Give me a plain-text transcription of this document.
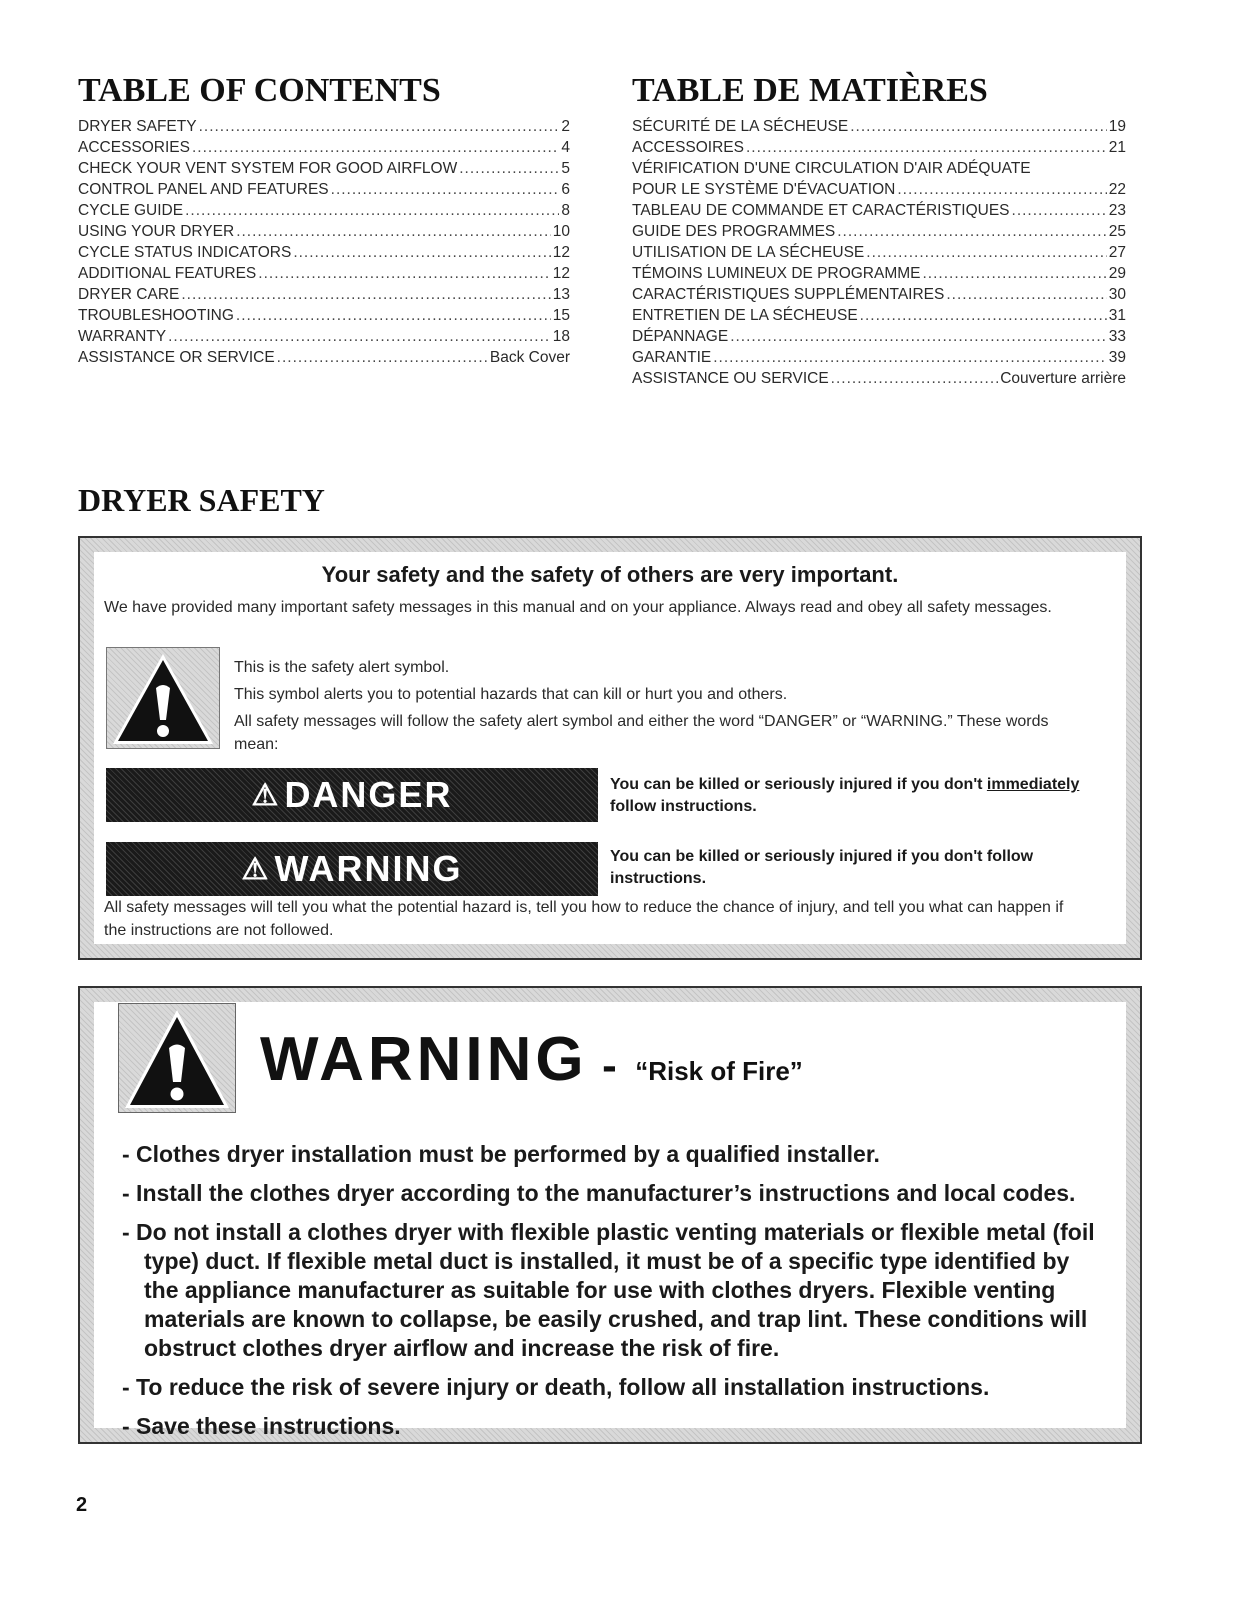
TABLE OF CONTENTS
DRYER SAFETY .....	2
ACCESSORIES .....	4
CHECK YOUR VENT SYSTEM FOR GOOD AIRFLOW .....	5
CONTROL PANEL AND FEATURES .....	6
CYCLE GUIDE .....	8
USING YOUR DRYER .....	10
CYCLE STATUS INDICATORS .....	12
ADDITIONAL FEATURES .....	12
DRYER CARE .....	13
TROUBLESHOOTING .....	15
WARRANTY .....	18
ASSISTANCE OR SERVICE .....	Back Cover
TABLE DE MATIÈRES
SÉCURITÉ DE LA SÉCHEUSE .....	19
ACCESSOIRES .....	21
VÉRIFICATION D'UNE CIRCULATION D'AIR ADÉQUATE
POUR LE SYSTÈME D'ÉVACUATION .....	22
TABLEAU DE COMMANDE ET CARACTÉRISTIQUES .....	23
GUIDE DES PROGRAMMES .....	25
UTILISATION DE LA SÉCHEUSE .....	27
TÉMOINS LUMINEUX DE PROGRAMME .....	29
CARACTÉRISTIQUES SUPPLÉMENTAIRES .....	30
ENTRETIEN DE LA SÉCHEUSE .....	31
DÉPANNAGE .....	33
GARANTIE .....	39
ASSISTANCE OU SERVICE .....	Couverture arrière
DRYER SAFETY
Your safety and the safety of others are very important.
We have provided many important safety messages in this manual and on your appliance. Always read and obey all safety messages.
This is the safety alert symbol.
This symbol alerts you to potential hazards that can kill or hurt you and others.
All safety messages will follow the safety alert symbol and either the word “DANGER” or “WARNING.” These words mean:
⚠ DANGER	You can be killed or seriously injured if you don't immediately follow instructions.
⚠ WARNING	You can be killed or seriously injured if you don't follow instructions.
All safety messages will tell you what the potential hazard is, tell you how to reduce the chance of injury, and tell you what can happen if the instructions are not followed.
WARNING - “Risk of Fire”
- Clothes dryer installation must be performed by a qualified installer.
- Install the clothes dryer according to the manufacturer’s instructions and local codes.
- Do not install a clothes dryer with flexible plastic venting materials or flexible metal (foil type) duct. If flexible metal duct is installed, it must be of a specific type identified by the appliance manufacturer as suitable for use with clothes dryers. Flexible venting materials are known to collapse, be easily crushed, and trap lint. These conditions will obstruct clothes dryer airflow and increase the risk of fire.
- To reduce the risk of severe injury or death, follow all installation instructions.
- Save these instructions.
2
